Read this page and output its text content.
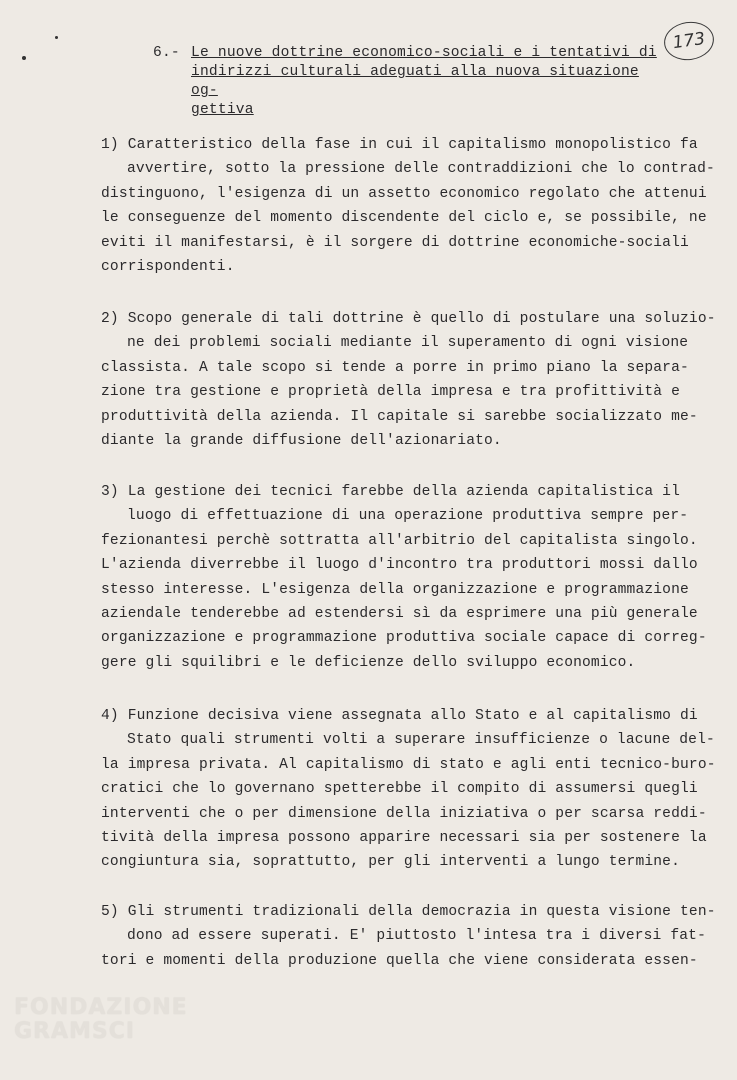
173
6.- Le nuove dottrine economico-sociali e i tentativi di
indirizzi culturali adeguati alla nuova situazione og-
gettiva
1) Caratteristico della fase in cui il capitalismo monopolistico fa
avvertire, sotto la pressione delle contraddizioni che lo contrad-
distinguono, l'esigenza di un assetto economico regolato che attenui
le conseguenze del momento discendente del ciclo e, se possibile, ne
eviti il manifestarsi, è il sorgere di dottrine economiche-sociali
corrispondenti.
2) Scopo generale di tali dottrine è quello di postulare una soluzio-
ne dei problemi sociali mediante il superamento di ogni visione
classista. A tale scopo si tende a porre in primo piano la separa-
zione tra gestione e proprietà della impresa e tra profittività e
produttività della azienda. Il capitale si sarebbe socializzato me-
diante la grande diffusione dell'azionariato.
3) La gestione dei tecnici farebbe della azienda capitalistica il
luogo di effettuazione di una operazione produttiva sempre per-
fezionantesi perchè sottratta all'arbitrio del capitalista singolo.
L'azienda diverrebbe il luogo d'incontro tra produttori mossi dallo
stesso interesse. L'esigenza della organizzazione e programmazione
aziendale tenderebbe ad estendersi sì da esprimere una più generale
organizzazione e programmazione produttiva sociale capace di correg-
gere gli squilibri e le deficienze dello sviluppo economico.
4) Funzione decisiva viene assegnata allo Stato e al capitalismo di
Stato quali strumenti volti a superare insufficienze o lacune del-
la impresa privata. Al capitalismo di stato e agli enti tecnico-buro-
cratici che lo governano spetterebbe il compito di assumersi quegli
interventi che o per dimensione della iniziativa o per scarsa reddi-
tività della impresa possono apparire necessari sia per sostenere la
congiuntura sia, soprattutto, per gli interventi a lungo termine.
5) Gli strumenti tradizionali della democrazia in questa visione ten-
dono ad essere superati. E' piuttosto l'intesa tra i diversi fat-
tori e momenti della produzione quella che viene considerata essen-
FONDAZIONE
GRAMSCI
